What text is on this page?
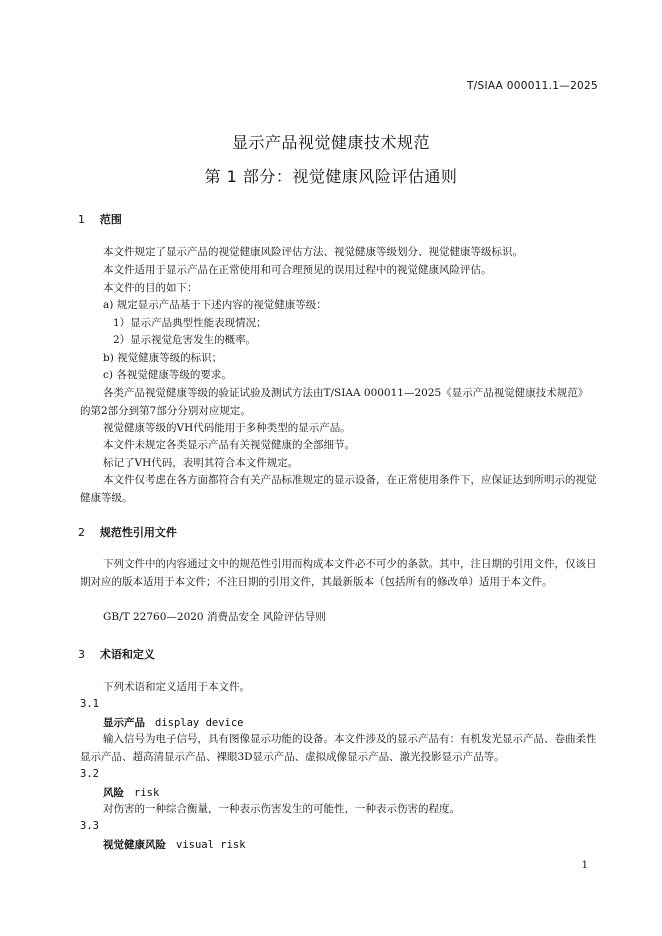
T/SIAA 000011.1—2025
显示产品视觉健康技术规范
第 1 部分：视觉健康风险评估通则
1 范围
本文件规定了显示产品的视觉健康风险评估方法、视觉健康等级划分、视觉健康等级标识。
本文件适用于显示产品在正常使用和可合理预见的误用过程中的视觉健康风险评估。
本文件的目的如下：
a) 规定显示产品基于下述内容的视觉健康等级：
1）显示产品典型性能表现情况；
2）显示视觉危害发生的概率。
b) 视觉健康等级的标识；
c) 各视觉健康等级的要求。
各类产品视觉健康等级的验证试验及测试方法由T/SIAA 000011—2025《显示产品视觉健康技术规范》的第2部分到第7部分分别对应规定。
视觉健康等级的VH代码能用于多种类型的显示产品。
本文件未规定各类显示产品有关视觉健康的全部细节。
标记了VH代码，表明其符合本文件规定。
本文件仅考虑在各方面都符合有关产品标准规定的显示设备，在正常使用条件下，应保证达到所明示的视觉健康等级。
2 规范性引用文件
下列文件中的内容通过文中的规范性引用而构成本文件必不可少的条款。其中，注日期的引用文件，仅该日期对应的版本适用于本文件；不注日期的引用文件，其最新版本（包括所有的修改单）适用于本文件。
GB/T 22760—2020 消费品安全 风险评估导则
3 术语和定义
下列术语和定义适用于本文件。
3.1
显示产品 display device
输入信号为电子信号，具有图像显示功能的设备。本文件涉及的显示产品有：有机发光显示产品、卷曲柔性显示产品、超高清显示产品、裸眼3D显示产品、虚拟成像显示产品、激光投影显示产品等。
3.2
风险 risk
对伤害的一种综合衡量，一种表示伤害发生的可能性，一种表示伤害的程度。
3.3
视觉健康风险 visual risk
1
